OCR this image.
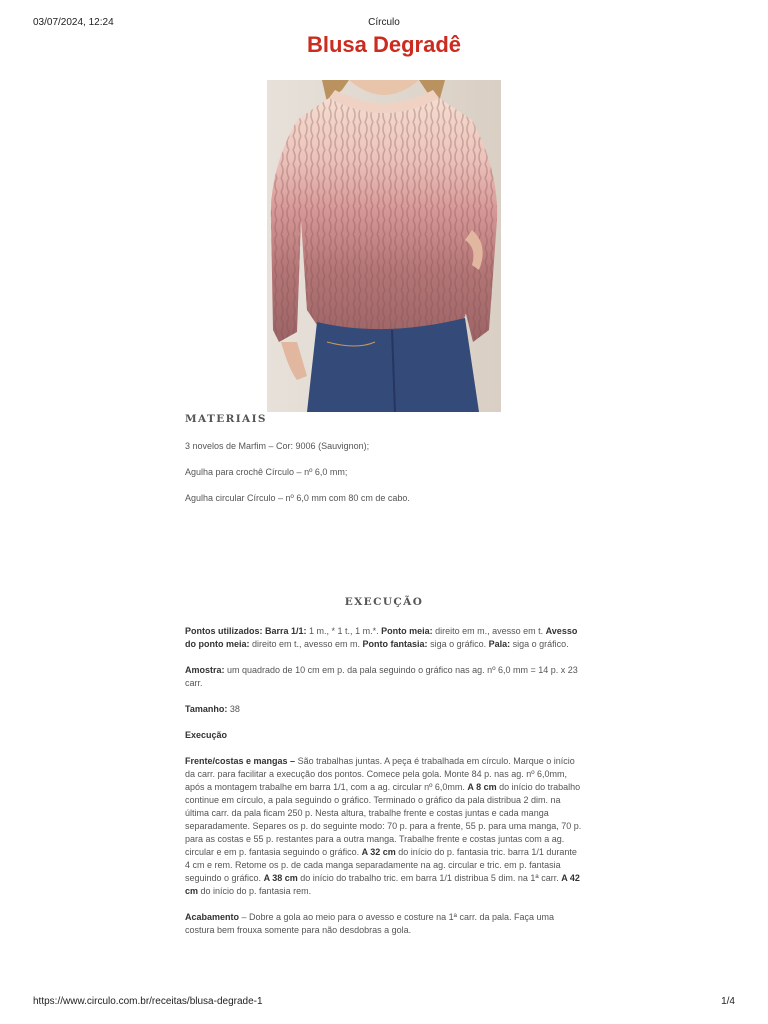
03/07/2024, 12:24	Círculo
Blusa Degradê
MATERIAIS
3 novelos de Marfim – Cor: 9006 (Sauvignon);
Agulha para crochê Círculo – nº 6,0 mm;
Agulha circular Círculo – nº 6,0 mm com 80 cm de cabo.
EXECUÇÃO

Pontos utilizados: Barra 1/1: 1 m., * 1 t., 1 m.*. Ponto meia: direito em m., avesso em t. Avesso do ponto meia: direito em t., avesso em m. Ponto fantasia: siga o gráfico. Pala: siga o gráfico.

Amostra: um quadrado de 10 cm em p. da pala seguindo o gráfico nas ag. nº 6,0 mm = 14 p. x 23 carr.

Tamanho: 38

Execução

Frente/costas e mangas – São trabalhas juntas. A peça é trabalhada em círculo. Marque o início da carr. para facilitar a execução dos pontos. Comece pela gola. Monte 84 p. nas ag. nº 6,0mm, após a montagem trabalhe em barra 1/1, com a ag. circular nº 6,0mm. A 8 cm do início do trabalho continue em círculo, a pala seguindo o gráfico. Terminado o gráfico da pala distribua 2 dim. na última carr. da pala ficam 250 p. Nesta altura, trabalhe frente e costas juntas e cada manga separadamente. Separes os p. do seguinte modo: 70 p. para a frente, 55 p. para uma manga, 70 p. para as costas e 55 p. restantes para a outra manga. Trabalhe frente e costas juntas com a ag. circular e em p. fantasia seguindo o gráfico. A 32 cm do início do p. fantasia tric. barra 1/1 durante 4 cm e rem. Retome os p. de cada manga separadamente na ag. circular e tric. em p. fantasia seguindo o gráfico. A 38 cm do início do trabalho tric. em barra 1/1 distribua 5 dim. na 1ª carr. A 42 cm do início do p. fantasia rem.

Acabamento – Dobre a gola ao meio para o avesso e costure na 1ª carr. da pala. Faça uma costura bem frouxa somente para não desdobras a gola.

https://www.circulo.com.br/receitas/blusa-degrade-1	1/4
